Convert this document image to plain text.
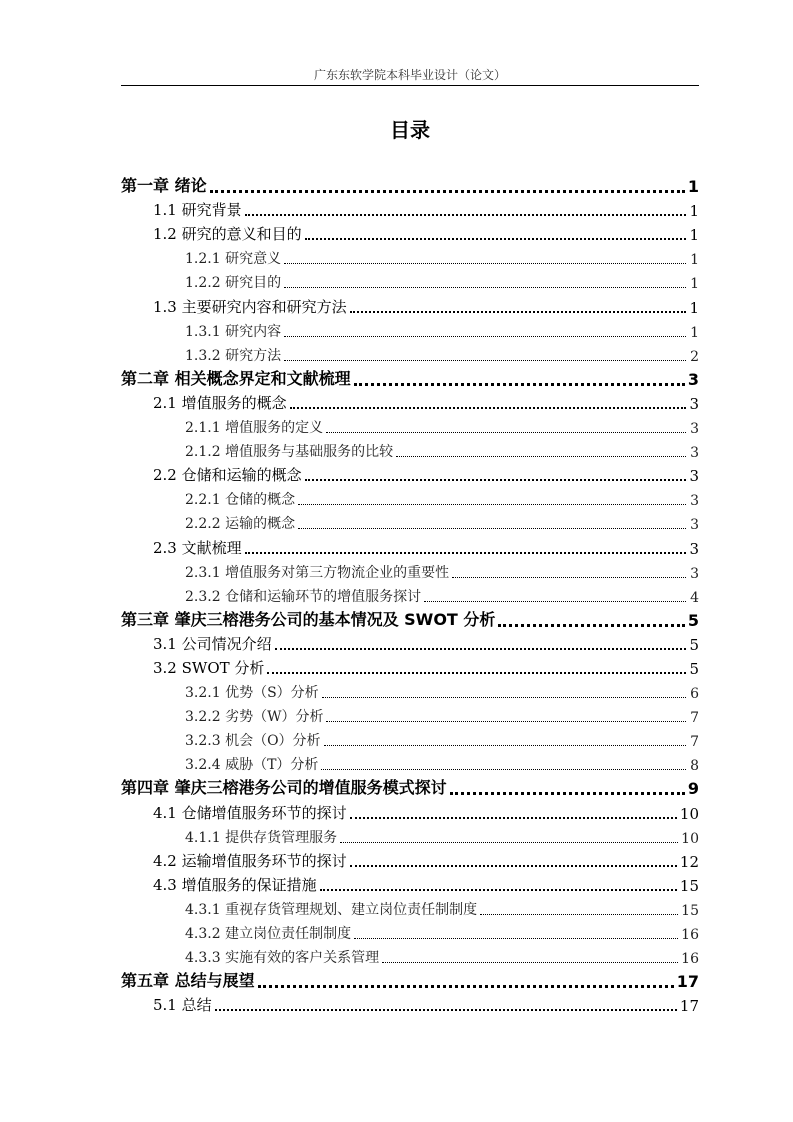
广东东软学院本科毕业设计（论文）
目录
第一章 绪论	1
1.1 研究背景	1
1.2 研究的意义和目的	1
1.2.1 研究意义	1
1.2.2 研究目的	1
1.3 主要研究内容和研究方法	1
1.3.1 研究内容	1
1.3.2 研究方法	2
第二章 相关概念界定和文献梳理	3
2.1 增值服务的概念	3
2.1.1 增值服务的定义	3
2.1.2 增值服务与基础服务的比较	3
2.2 仓储和运输的概念	3
2.2.1 仓储的概念	3
2.2.2 运输的概念	3
2.3 文献梳理	3
2.3.1 增值服务对第三方物流企业的重要性	3
2.3.2 仓储和运输环节的增值服务探讨	4
第三章 肇庆三榕港务公司的基本情况及 SWOT 分析	5
3.1 公司情况介绍	5
3.2 SWOT 分析	5
3.2.1 优势（S）分析	6
3.2.2 劣势（W）分析	7
3.2.3 机会（O）分析	7
3.2.4 威胁（T）分析	8
第四章 肇庆三榕港务公司的增值服务模式探讨	9
4.1 仓储增值服务环节的探讨	10
4.1.1 提供存货管理服务	10
4.2 运输增值服务环节的探讨	12
4.3 增值服务的保证措施	15
4.3.1 重视存货管理规划、建立岗位责任制制度	15
4.3.2 建立岗位责任制制度	16
4.3.3 实施有效的客户关系管理	16
第五章 总结与展望	17
5.1 总结	17
